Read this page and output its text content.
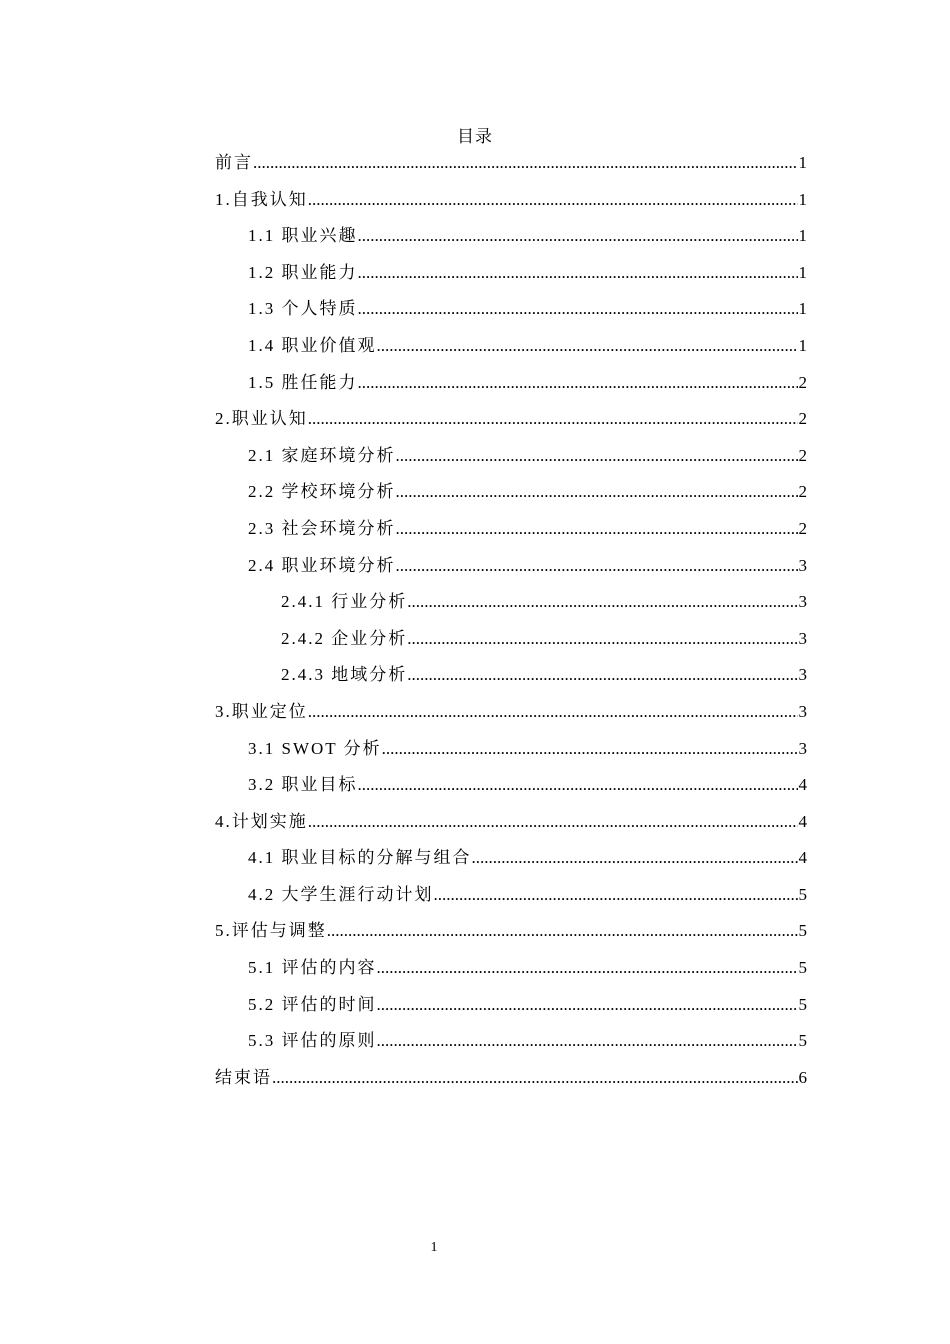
目录
前言 .....	1
1.自我认知 .....	1
1.1 职业兴趣 .....	1
1.2 职业能力 .....	1
1.3 个人特质 .....	1
1.4 职业价值观 .....	1
1.5 胜任能力 .....	2
2.职业认知 .....	2
2.1 家庭环境分析 .....	2
2.2 学校环境分析 .....	2
2.3 社会环境分析 .....	2
2.4 职业环境分析 .....	3
2.4.1 行业分析 .....	3
2.4.2 企业分析 .....	3
2.4.3 地域分析 .....	3
3.职业定位 .....	3
3.1 SWOT 分析 .....	3
3.2 职业目标 .....	4
4.计划实施 .....	4
4.1 职业目标的分解与组合 .....	4
4.2 大学生涯行动计划 .....	5
5.评估与调整 .....	5
5.1 评估的内容 .....	5
5.2 评估的时间 .....	5
5.3 评估的原则 .....	5
结束语 .....	6
1
